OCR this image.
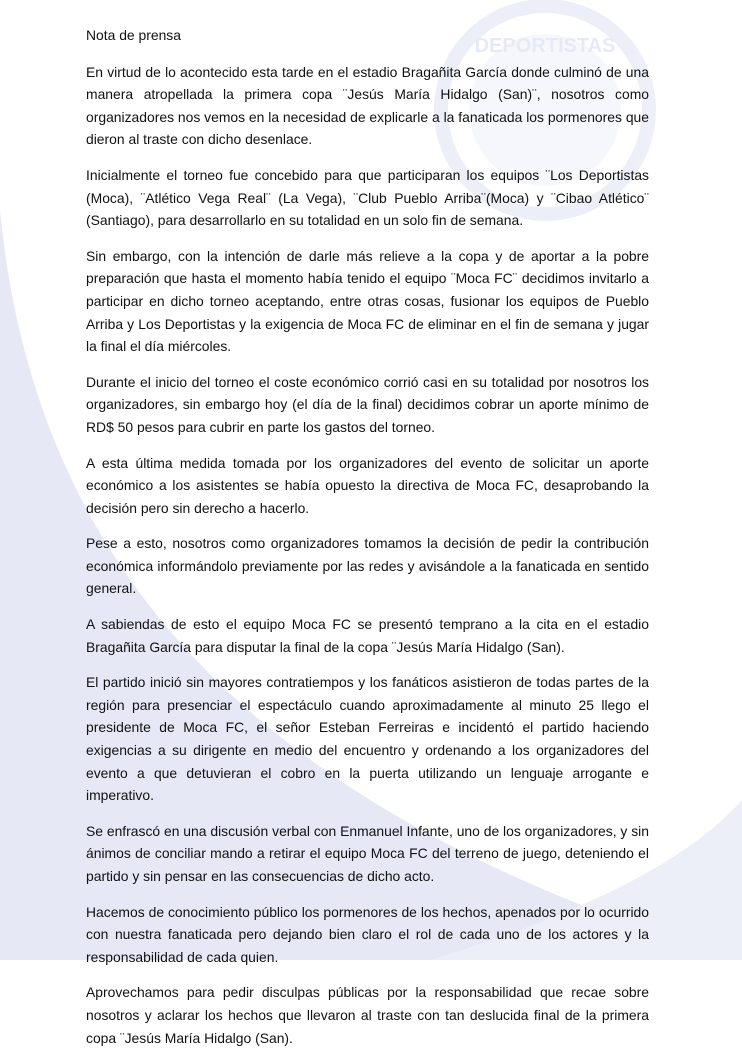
DEPORTISTAS

Nota de prensa

En virtud de lo acontecido esta tarde en el estadio Bragañita García donde culminó de una manera atropellada la primera copa ¨Jesús María Hidalgo (San)¨, nosotros como organizadores nos vemos en la necesidad de explicarle a la fanaticada los pormenores que dieron al traste con dicho desenlace.

Inicialmente el torneo fue concebido para que participaran los equipos ¨Los Deportistas (Moca), ¨Atlético Vega Real¨ (La Vega), ¨Club Pueblo Arriba¨(Moca) y ¨Cibao Atlético¨ (Santiago), para desarrollarlo en su totalidad en un solo fin de semana.

Sin embargo, con la intención de darle más relieve a la copa y de aportar a la pobre preparación que hasta el momento había tenido el equipo ¨Moca FC¨ decidimos invitarlo a participar en dicho torneo aceptando, entre otras cosas, fusionar los equipos de Pueblo Arriba y Los Deportistas y la exigencia de Moca FC de eliminar en el fin de semana y jugar la final el día miércoles.

Durante el inicio del torneo el coste económico corrió casi en su totalidad por nosotros los organizadores, sin embargo hoy (el día de la final) decidimos cobrar un aporte mínimo de RD$ 50 pesos para cubrir en parte los gastos del torneo.

A esta última medida tomada por los organizadores del evento de solicitar un aporte económico a los asistentes se había opuesto la directiva de Moca FC, desaprobando la decisión pero sin derecho a hacerlo.

Pese a esto, nosotros como organizadores tomamos la decisión de pedir la contribución económica informándolo previamente por las redes y avisándole a la fanaticada en sentido general.

A sabiendas de esto el equipo Moca FC se presentó temprano a la cita en el estadio Bragañita García para disputar la final de la copa ¨Jesús María Hidalgo (San).

El partido inició sin mayores contratiempos y los fanáticos asistieron de todas partes de la región para presenciar el espectáculo cuando aproximadamente al minuto 25 llego el presidente de Moca FC, el señor Esteban Ferreiras e incidentó el partido haciendo exigencias a su dirigente en medio del encuentro y ordenando a los organizadores del evento a que detuvieran el cobro en la puerta utilizando un lenguaje arrogante e imperativo.

Se enfrascó en una discusión verbal con Enmanuel Infante, uno de los organizadores, y sin ánimos de conciliar mando a retirar el equipo Moca FC del terreno de juego, deteniendo el partido y sin pensar en las consecuencias de dicho acto.

Hacemos de conocimiento público los pormenores de los hechos, apenados por lo ocurrido con nuestra fanaticada pero dejando bien claro el rol de cada uno de los actores y la responsabilidad de cada quien.

Aprovechamos para pedir disculpas públicas por la responsabilidad que recae sobre nosotros y aclarar los hechos que llevaron al traste con tan deslucida final de la primera copa ¨Jesús María Hidalgo (San).
